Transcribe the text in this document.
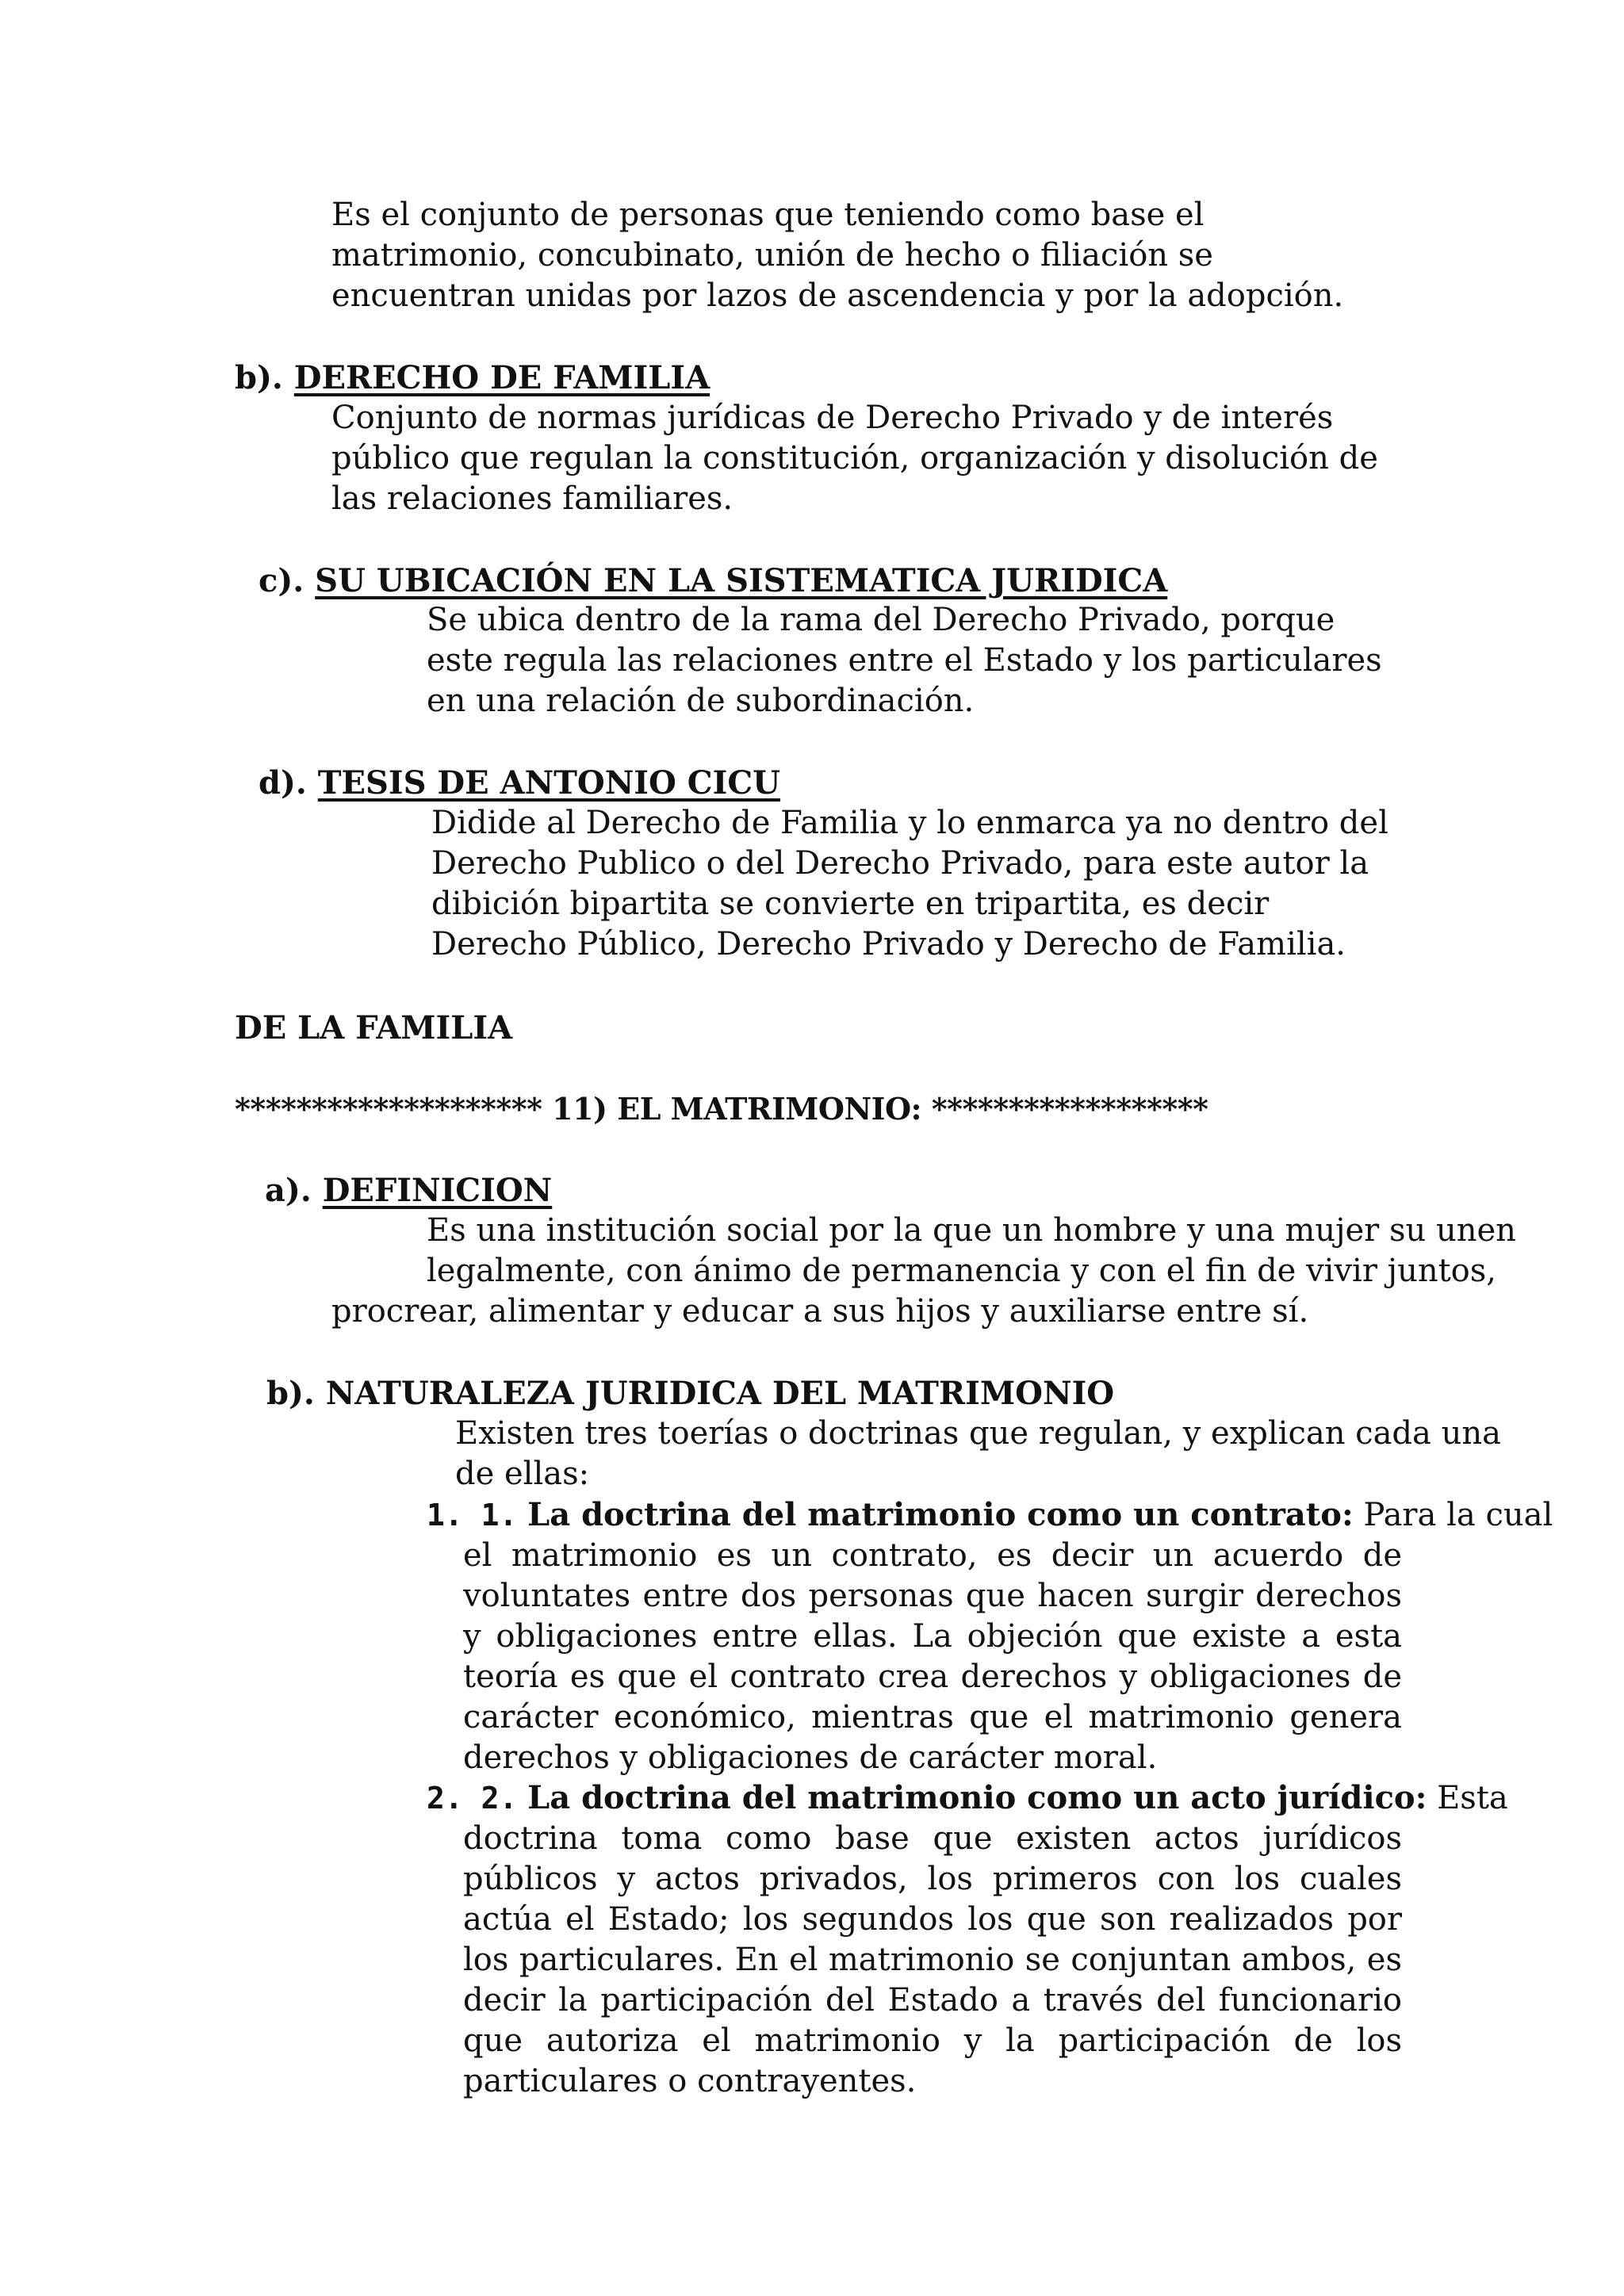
Es el conjunto de personas que teniendo como base el matrimonio, concubinato, unión de hecho o filiación se encuentran unidas por lazos de ascendencia y por la adopción.
b). DERECHO DE FAMILIA
Conjunto de normas jurídicas de Derecho Privado y de interés público que regulan la constitución, organización y disolución de las relaciones familiares.
c). SU UBICACIÓN EN LA SISTEMATICA JURIDICA
Se ubica dentro de la rama del Derecho Privado, porque este regula las relaciones entre el Estado y los particulares en una relación de subordinación.
d). TESIS DE ANTONIO CICU
Didide al Derecho de Familia y lo enmarca ya no dentro del Derecho Publico o del Derecho Privado, para este autor la dibición bipartita se convierte en tripartita, es decir Derecho Público, Derecho Privado y Derecho de Familia.
DE LA FAMILIA
******************** 11) EL MATRIMONIO: ******************
a). DEFINICION
Es una institución social por la que un hombre y una mujer su unen
legalmente, con ánimo de permanencia y con el fin de vivir juntos,
procrear, alimentar y educar a sus hijos y auxiliarse entre sí.
b). NATURALEZA JURIDICA DEL MATRIMONIO
Existen tres toerías o doctrinas que regulan, y explican cada una
de ellas:
1. 1. La doctrina del matrimonio como un contrato: Para la cual
el matrimonio es un contrato, es decir un acuerdo de voluntates entre dos personas que hacen surgir derechos y obligaciones entre ellas. La objeción que existe a esta teoría es que el contrato crea derechos y obligaciones de carácter económico, mientras que el matrimonio genera derechos y obligaciones de carácter moral.
2. 2. La doctrina del matrimonio como un acto jurídico: Esta
doctrina toma como base que existen actos jurídicos públicos y actos privados, los primeros con los cuales actúa el Estado; los segundos los que son realizados por los particulares. En el matrimonio se conjuntan ambos, es decir la participación del Estado a través del funcionario que autoriza el matrimonio y la participación de los particulares o contrayentes.
